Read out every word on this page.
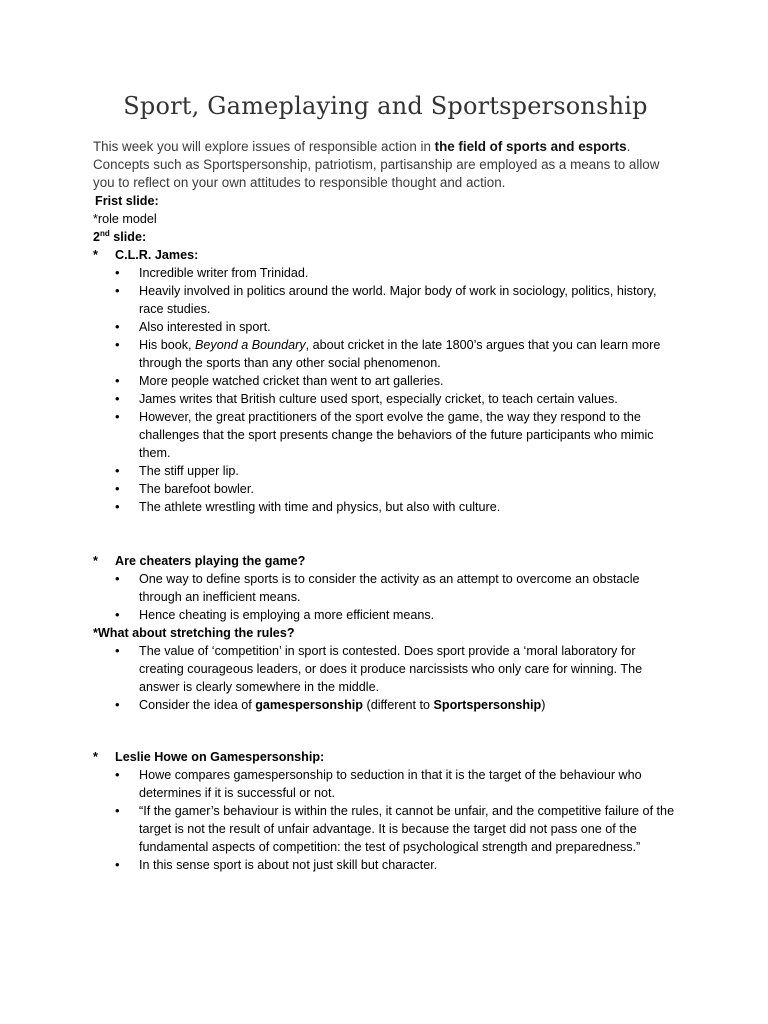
Sport, Gameplaying and Sportspersonship

This week you will explore issues of responsible action in the field of sports and esports. Concepts such as Sportspersonship, patriotism, partisanship are employed as a means to allow you to reflect on your own attitudes to responsible thought and action.

Frist slide:

*role model

2nd slide:

*	C.L.R. James:
• Incredible writer from Trinidad.
• Heavily involved in politics around the world. Major body of work in sociology, politics, history, race studies.
• Also interested in sport.
• His book, Beyond a Boundary, about cricket in the late 1800’s argues that you can learn more through the sports than any other social phenomenon.
• More people watched cricket than went to art galleries.
• James writes that British culture used sport, especially cricket, to teach certain values.
• However, the great practitioners of the sport evolve the game, the way they respond to the challenges that the sport presents change the behaviors of the future participants who mimic them.
• The stiff upper lip.
• The barefoot bowler.
• The athlete wrestling with time and physics, but also with culture.
*	Are cheaters playing the game?
• One way to define sports is to consider the activity as an attempt to overcome an obstacle through an inefficient means.
• Hence cheating is employing a more efficient means.

*What about stretching the rules?

• The value of ‘competition’ in sport is contested. Does sport provide a ‘moral laboratory for creating courageous leaders, or does it produce narcissists who only care for winning. The answer is clearly somewhere in the middle.
• Consider the idea of gamespersonship (different to Sportspersonship)
*	Leslie Howe on Gamespersonship:
• Howe compares gamespersonship to seduction in that it is the target of the behaviour who determines if it is successful or not.
• “If the gamer’s behaviour is within the rules, it cannot be unfair, and the competitive failure of the target is not the result of unfair advantage. It is because the target did not pass one of the fundamental aspects of competition: the test of psychological strength and preparedness.”
• In this sense sport is about not just skill but character.
